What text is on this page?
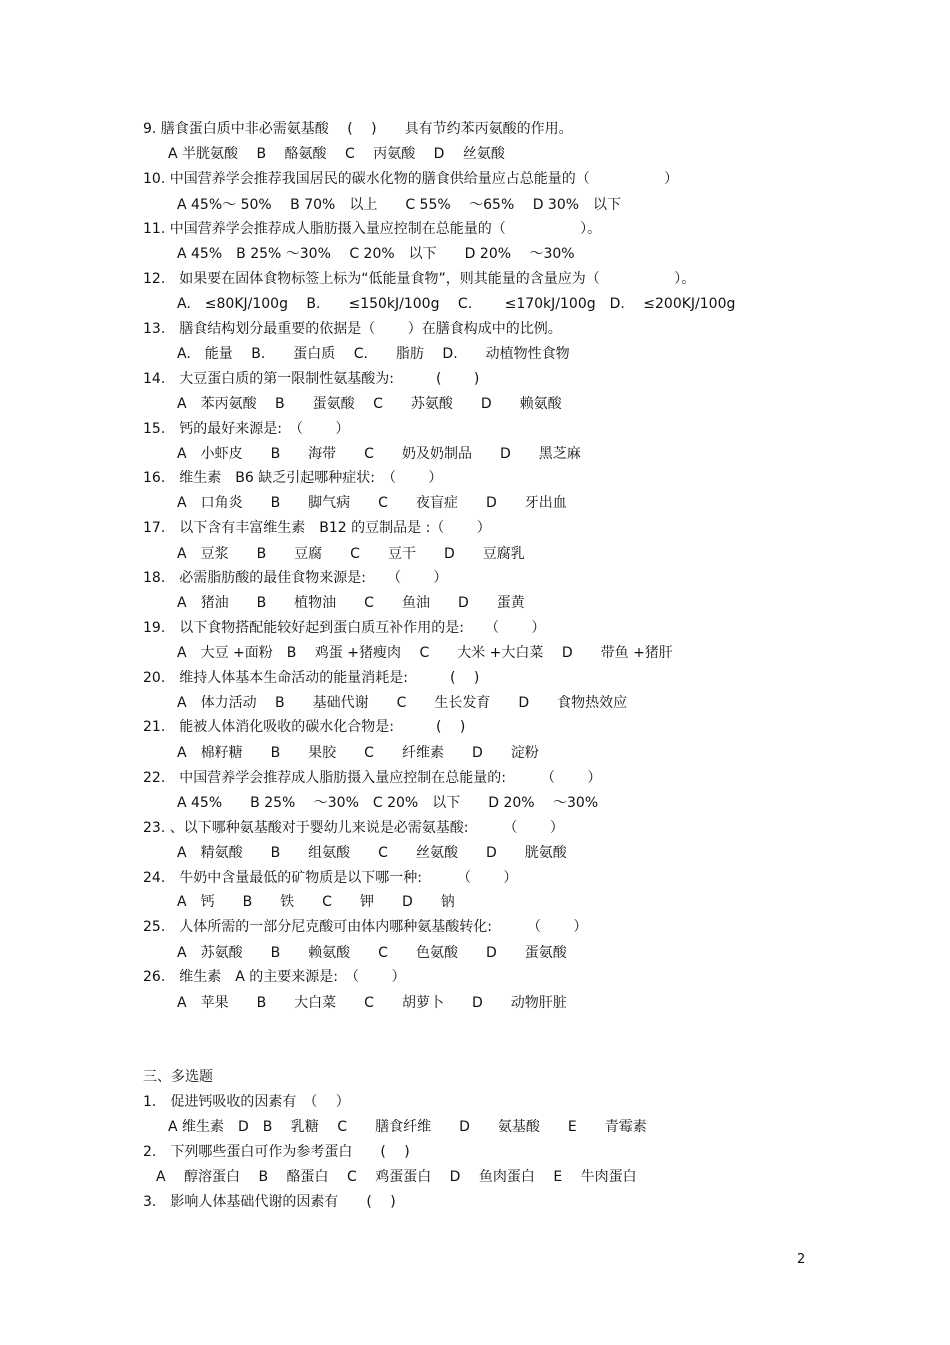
9. 膳食蛋白质中非必需氨基酸　 (　 )　　具有节约苯丙氨酸的作用。
A 半胱氨酸　 B　 酪氨酸　 C　 丙氨酸　 D　 丝氨酸
10. 中国营养学会推荐我国居民的碳水化物的膳食供给量应占总能量的（　　　　　 ）
A 45%～ 50%　 B 70%　以上　　C 55%　 ～65%　 D 30%　以下
11. 中国营养学会推荐成人脂肪摄入量应控制在总能量的（　　　　　 ）。
A 45%　B 25% ～30%　 C 20%　以下　　D 20%　 ～30%
12.　如果要在固体食物标签上标为“低能量食物”，则其能量的含量应为（　　　　　 ）。
A.　≤80KJ/100g　 B.　　≤150kJ/100g　 C.　　 ≤170kJ/100g　D.　 ≤200KJ/100g
13.　膳食结构划分最重要的依据是（　　 ）在膳食构成中的比例。
A.　能量　 B.　　蛋白质　 C.　　脂肪　 D.　　动植物性食物
14.　大豆蛋白质的第一限制性氨基酸为:　　　(　　 )
A　苯丙氨酸　 B　　蛋氨酸　 C　　苏氨酸　　D　　赖氨酸
15.　钙的最好来源是:　（　　 ）
A　小虾皮　　B　　海带　　C　　奶及奶制品　　D　　黑芝麻
16.　维生素　B6 缺乏引起哪种症状:　（　　 ）
A　口角炎　　B　　脚气病　　C　　夜盲症　　D　　牙出血
17.　以下含有丰富维生素　B12 的豆制品是 :（　　 ）
A　豆浆　　B　　豆腐　　C　　豆干　　D　　豆腐乳
18.　必需脂肪酸的最佳食物来源是:　　（　　 ）
A　猪油　　B　　植物油　　C　　鱼油　　D　　蛋黄
19.　以下食物搭配能较好起到蛋白质互补作用的是:　　（　　 ）
A　大豆 +面粉　B　 鸡蛋 +猪瘦肉　 C　　大米 +大白菜　 D　　带鱼 +猪肝
20.　维持人体基本生命活动的能量消耗是:　　　(　 )
A　体力活动　 B　　基础代谢　　C　　生长发育　　D　　食物热效应
21.　能被人体消化吸收的碳水化合物是:　　　(　 )
A　棉籽糖　　B　　果胶　　C　　纤维素　　D　　淀粉
22.　中国营养学会推荐成人脂肪摄入量应控制在总能量的:　　　（　　 ）
A 45%　　B 25%　 ～30%　C 20%　以下　　D 20%　 ～30%
23. 、以下哪种氨基酸对于婴幼儿来说是必需氨基酸:　　　（　　 ）
A　精氨酸　　B　　组氨酸　　C　　丝氨酸　　D　　胱氨酸
24.　牛奶中含量最低的矿物质是以下哪一种:　　　（　　 ）
A　钙　　B　　铁　　C　　钾　　D　　钠
25.　人体所需的一部分尼克酸可由体内哪种氨基酸转化:　　　（　　 ）
A　苏氨酸　　B　　赖氨酸　　C　　色氨酸　　D　　蛋氨酸
26.　维生素　A 的主要来源是:　（　　 ）
A　苹果　　B　　大白菜　　C　　胡萝卜　　D　　动物肝脏
三、多选题
1.　促进钙吸收的因素有　（　 ）
A 维生素　D　B　 乳糖　 C　　膳食纤维　　D　　氨基酸　　E　　青霉素
2.　下列哪些蛋白可作为参考蛋白　　(　 )
A　 醇溶蛋白　 B　 酪蛋白　 C　 鸡蛋蛋白　 D　 鱼肉蛋白　 E　 牛肉蛋白
3.　影响人体基础代谢的因素有　　(　 )
2
